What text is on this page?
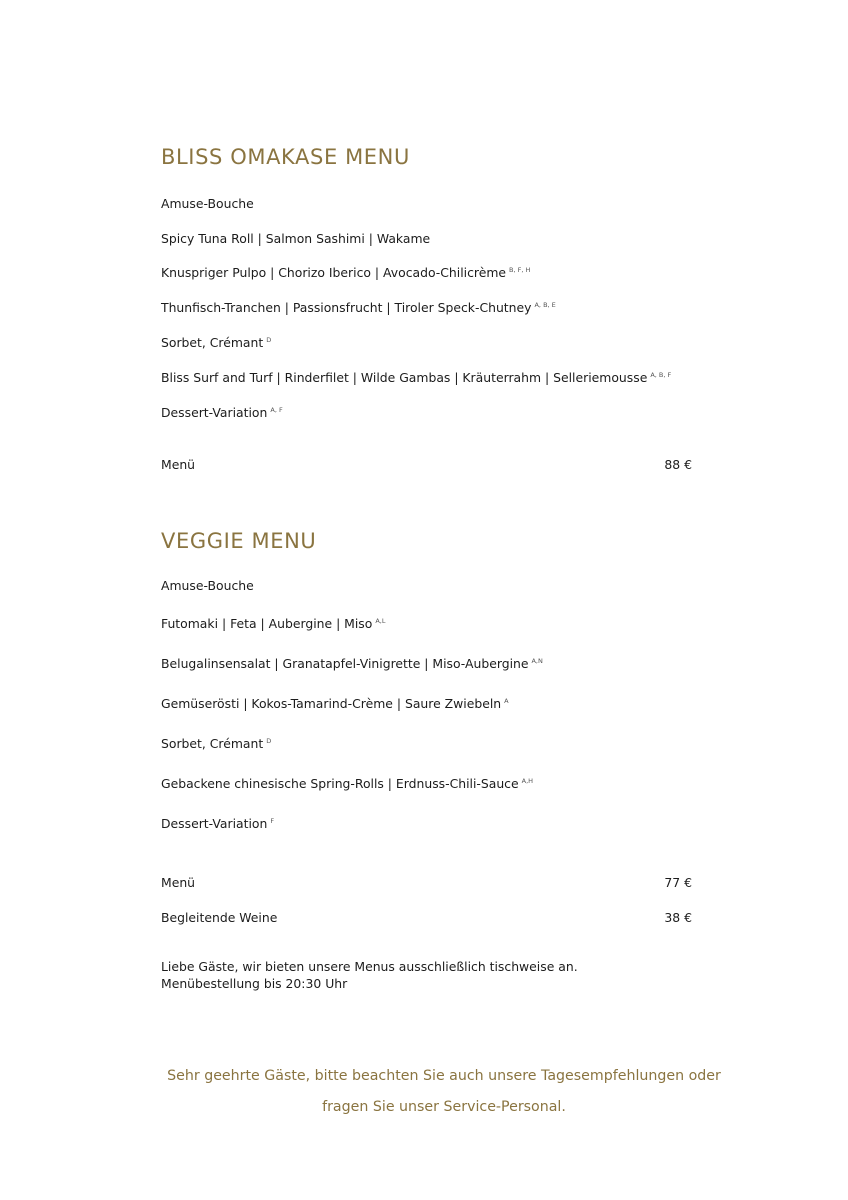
BLISS OMAKASE MENU
Amuse-Bouche
Spicy Tuna Roll | Salmon Sashimi | Wakame
Knuspriger Pulpo | Chorizo Iberico | Avocado-Chilicrème $^{B, F, H}$
Thunfisch-Tranchen | Passionsfrucht | Tiroler Speck-Chutney $^{A, B, E}$
Sorbet, Crémant $^D$
Bliss Surf and Turf | Rinderfilet | Wilde Gambas | Kräuterrahm | Selleriemousse $^{A, B, F}$
Dessert-Variation $^{A, F}$
Menü	88 €
VEGGIE MENU
Amuse-Bouche
Futomaki | Feta | Aubergine | Miso $^{A,L}$
Belugalinsensalat | Granatapfel-Vinigrette | Miso-Aubergine $^{A,N}$
Gemüserösti | Kokos-Tamarind-Crème | Saure Zwiebeln $^A$
Sorbet, Crémant $^D$
Gebackene chinesische Spring-Rolls | Erdnuss-Chili-Sauce $^{A,H}$
Dessert-Variation $^F$
Menü	77 €
Begleitende Weine	38 €
Liebe Gäste, wir bieten unsere Menus ausschließlich tischweise an.
Menübestellung bis 20:30 Uhr
Sehr geehrte Gäste, bitte beachten Sie auch unsere Tagesempfehlungen oder
fragen Sie unser Service-Personal.
